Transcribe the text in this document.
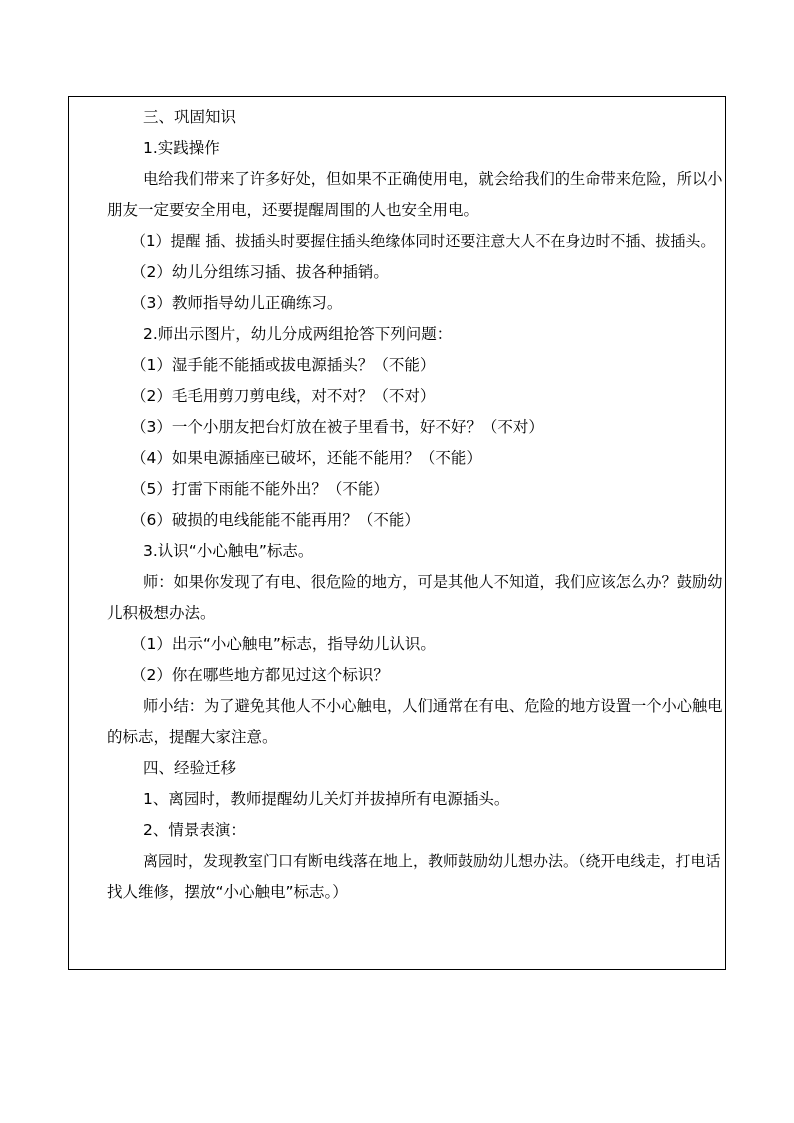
三、巩固知识
1.实践操作
电给我们带来了许多好处，但如果不正确使用电，就会给我们的生命带来危险，所以小
朋友一定要安全用电，还要提醒周围的人也安全用电。
（1）提醒 插、拔插头时要握住插头绝缘体同时还要注意大人不在身边时不插、拔插头。
（2）幼儿分组练习插、拔各种插销。
（3）教师指导幼儿正确练习。
2.师出示图片，幼儿分成两组抢答下列问题：
（1）湿手能不能插或拔电源插头？（不能）
（2）毛毛用剪刀剪电线，对不对？（不对）
（3）一个小朋友把台灯放在被子里看书，好不好？（不对）
（4）如果电源插座已破坏，还能不能用？（不能）
（5）打雷下雨能不能外出？（不能）
（6）破损的电线能能不能再用？（不能）
3.认识“小心触电”标志。
师：如果你发现了有电、很危险的地方，可是其他人不知道，我们应该怎么办？鼓励幼
儿积极想办法。
（1）出示“小心触电”标志，指导幼儿认识。
（2）你在哪些地方都见过这个标识？
师小结：为了避免其他人不小心触电，人们通常在有电、危险的地方设置一个小心触电
的标志，提醒大家注意。
四、经验迁移
1、离园时，教师提醒幼儿关灯并拔掉所有电源插头。
2、情景表演：
离园时，发现教室门口有断电线落在地上，教师鼓励幼儿想办法。（绕开电线走，打电话
找人维修，摆放“小心触电”标志。）
